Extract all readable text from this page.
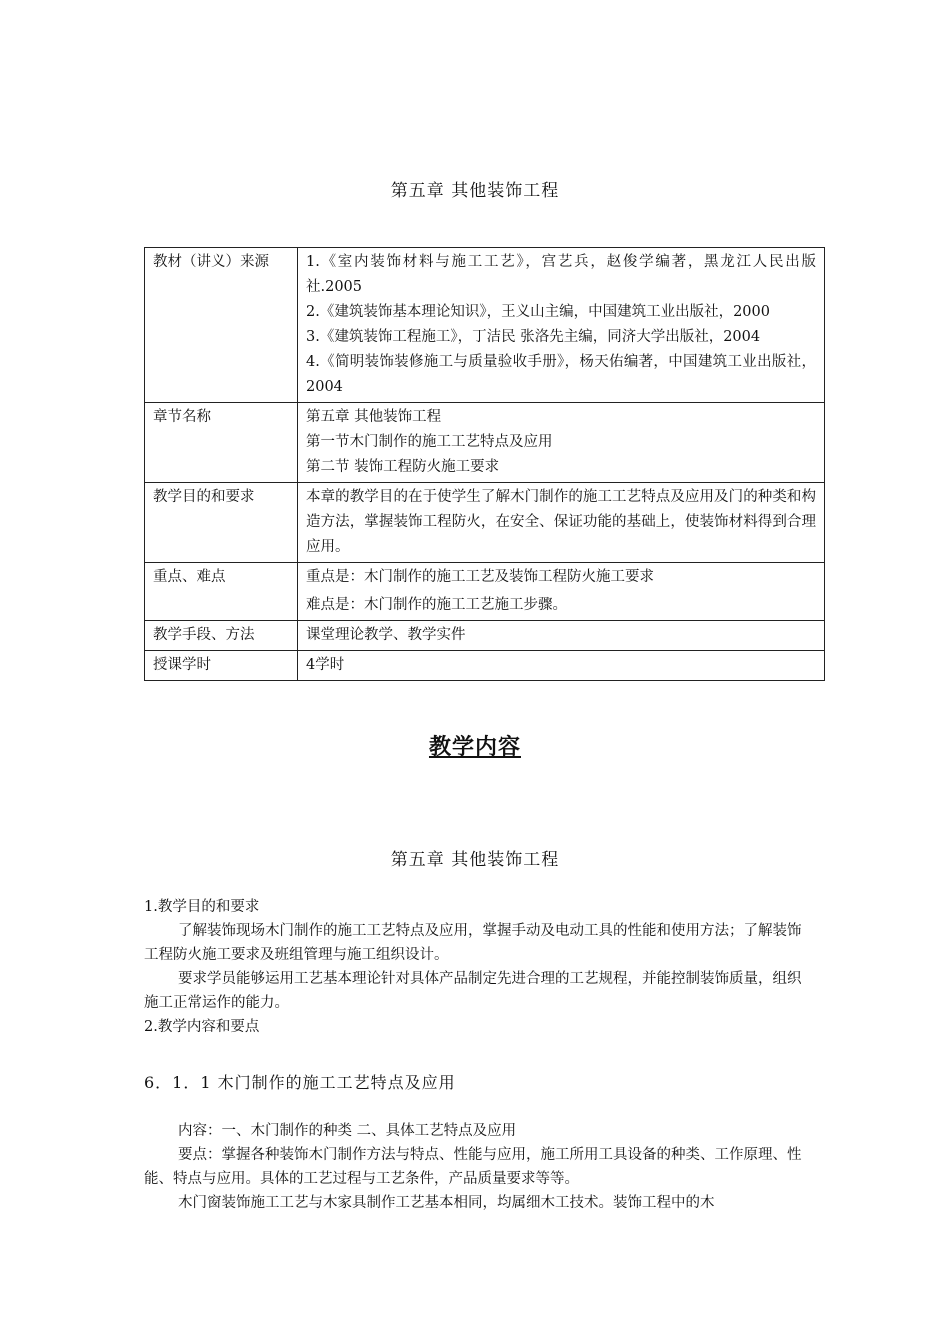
第五章 其他装饰工程
教材（讲义）来源	1.《室内装饰材料与施工工艺》，宫艺兵，赵俊学编著，黑龙江人民出版社.2005
2.《建筑装饰基本理论知识》，王义山主编，中国建筑工业出版社，2000
3.《建筑装饰工程施工》，丁洁民 张洛先主编，同济大学出版社，2004
4.《简明装饰装修施工与质量验收手册》，杨天佑编著，中国建筑工业出版社，2004

章节名称	第五章 其他装饰工程
第一节木门制作的施工工艺特点及应用
第二节 装饰工程防火施工要求

教学目的和要求	本章的教学目的在于使学生了解木门制作的施工工艺特点及应用及门的种类和构造方法，掌握装饰工程防火，在安全、保证功能的基础上，使装饰材料得到合理应用。

重点、难点	重点是：木门制作的施工工艺及装饰工程防火施工要求
难点是：木门制作的施工工艺施工步骤。

教学手段、方法	课堂理论教学、教学实件

授课学时	4学时
教学内容
第五章 其他装饰工程
1.教学目的和要求
了解装饰现场木门制作的施工工艺特点及应用，掌握手动及电动工具的性能和使用方法；了解装饰工程防火施工要求及班组管理与施工组织设计。
要求学员能够运用工艺基本理论针对具体产品制定先进合理的工艺规程，并能控制装饰质量，组织施工正常运作的能力。
2.教学内容和要点
6．1．1 木门制作的施工工艺特点及应用
内容：一、木门制作的种类 二、具体工艺特点及应用
要点：掌握各种装饰木门制作方法与特点、性能与应用，施工所用工具设备的种类、工作原理、性能、特点与应用。具体的工艺过程与工艺条件，产品质量要求等等。
木门窗装饰施工工艺与木家具制作工艺基本相同，均属细木工技术。装饰工程中的木
